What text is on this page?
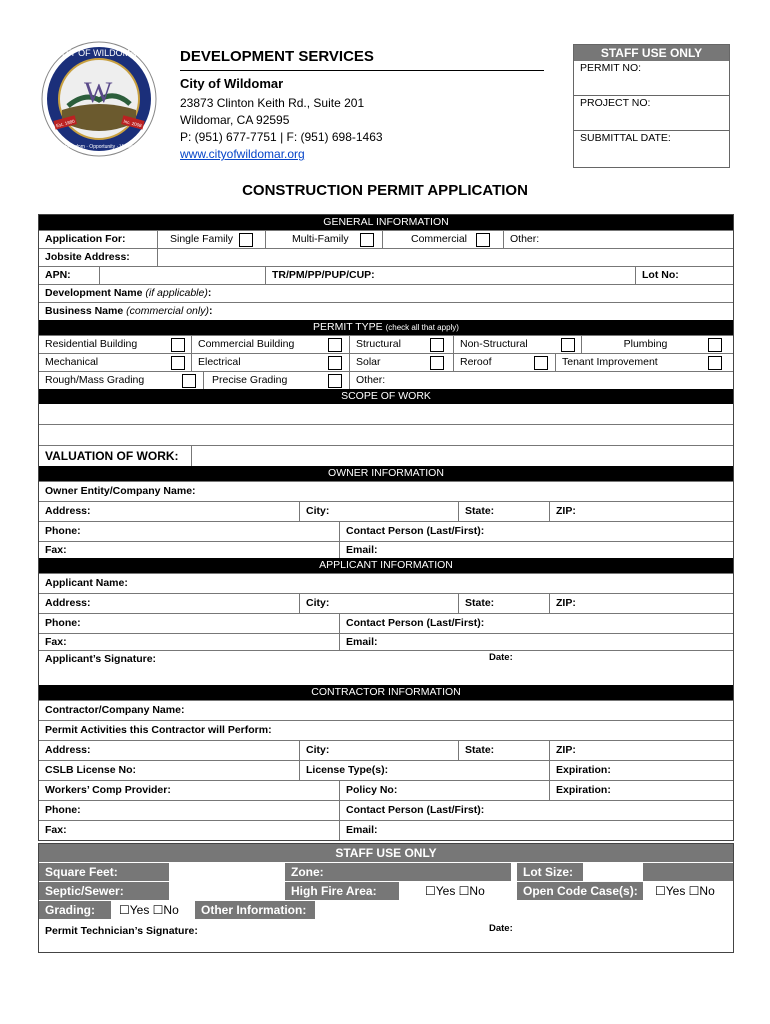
W
CITY OF WILDOMAR
Est. 1880	Inc. 2008
Freedom · Opportunity · Vision
DEVELOPMENT SERVICES
City of Wildomar
23873 Clinton Keith Rd., Suite 201
Wildomar, CA 92595
P: (951) 677-7751 | F: (951) 698-1463
www.cityofwildomar.org
STAFF USE ONLY
PERMIT NO:
PROJECT NO:
SUBMITTAL DATE:
CONSTRUCTION PERMIT APPLICATION
GENERAL INFORMATION
Application For:	Single Family	Multi-Family	Commercial	Other:
Jobsite Address:
APN:	TR/PM/PP/PUP/CUP:	Lot No:
Development Name (if applicable):
Business Name (commercial only):
PERMIT TYPE (check all that apply)
Residential Building	Commercial Building	Structural	Non-Structural	Plumbing
Mechanical	Electrical	Solar	Reroof	Tenant Improvement
Rough/Mass Grading	Precise Grading	Other:
SCOPE OF WORK
VALUATION OF WORK:
OWNER INFORMATION
Owner Entity/Company Name:
Address:	City:	State:	ZIP:
Phone:	Contact Person (Last/First):
Fax:	Email:
APPLICANT INFORMATION
Applicant Name:
Address:	City:	State:	ZIP:
Phone:	Contact Person (Last/First):
Fax:	Email:
Applicant’s Signature:	Date:
CONTRACTOR INFORMATION
Contractor/Company Name:
Permit Activities this Contractor will Perform:
Address:	City:	State:	ZIP:
CSLB License No:	License Type(s):	Expiration:
Workers’ Comp Provider:	Policy No:	Expiration:
Phone:	Contact Person (Last/First):
Fax:	Email:
STAFF USE ONLY
Square Feet:	Zone:	Lot Size:
Septic/Sewer:	High Fire Area:	☐Yes ☐No	Open Code Case(s):	☐Yes ☐No
Grading:	☐Yes ☐No	Other Information:
Permit Technician’s Signature:	Date:
